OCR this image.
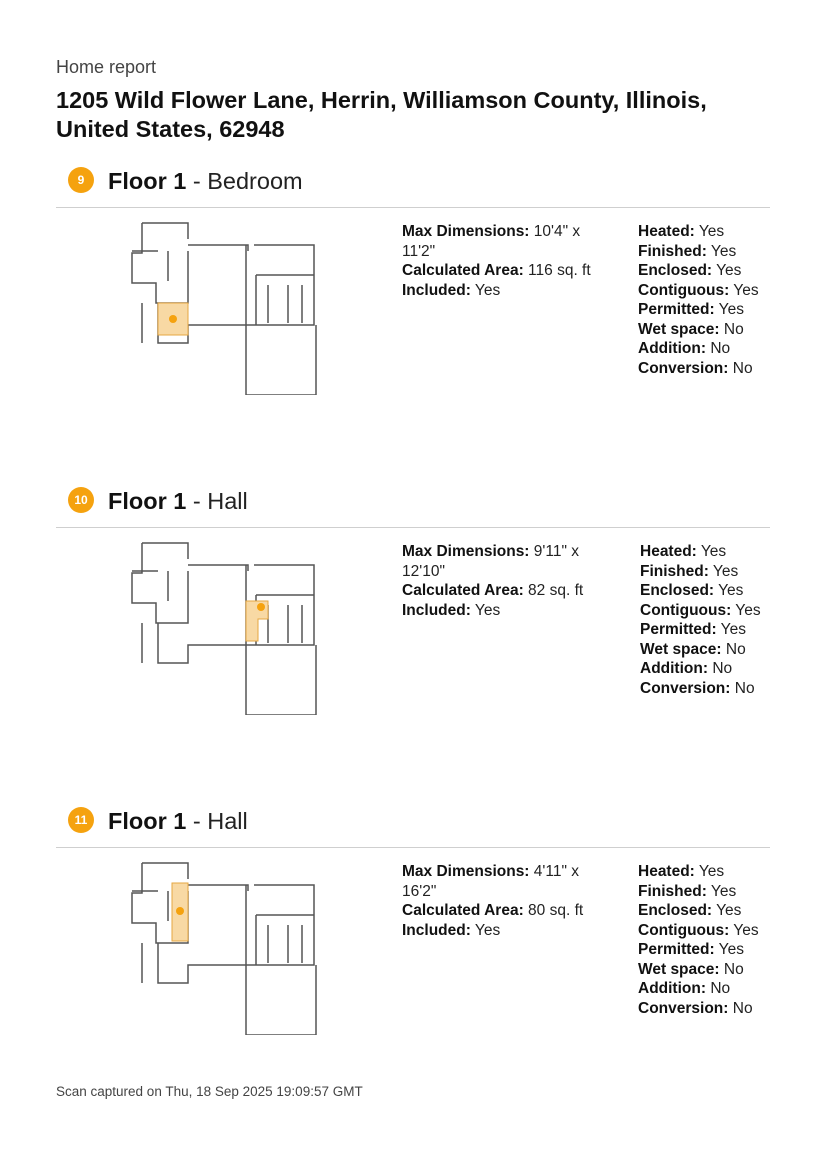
Home report
1205 Wild Flower Lane, Herrin, Williamson County, Illinois, United States, 62948
9	Floor 1 - Bedroom
Max Dimensions: 10'4" x 11'2"
Calculated Area: 116 sq. ft
Included: Yes
Heated: Yes
Finished: Yes
Enclosed: Yes
Contiguous: Yes
Permitted: Yes
Wet space: No
Addition: No
Conversion: No
10 Floor 1 - Hall
Max Dimensions: 9'11" x 12'10"
Calculated Area: 82 sq. ft
Included: Yes
Heated: Yes
Finished: Yes
Enclosed: Yes
Contiguous: Yes
Permitted: Yes
Wet space: No
Addition: No
Conversion: No
11 Floor 1 - Hall
Max Dimensions: 4'11" x 16'2"
Calculated Area: 80 sq. ft
Included: Yes
Heated: Yes
Finished: Yes
Enclosed: Yes
Contiguous: Yes
Permitted: Yes
Wet space: No
Addition: No
Conversion: No
Scan captured on Thu, 18 Sep 2025 19:09:57 GMT
